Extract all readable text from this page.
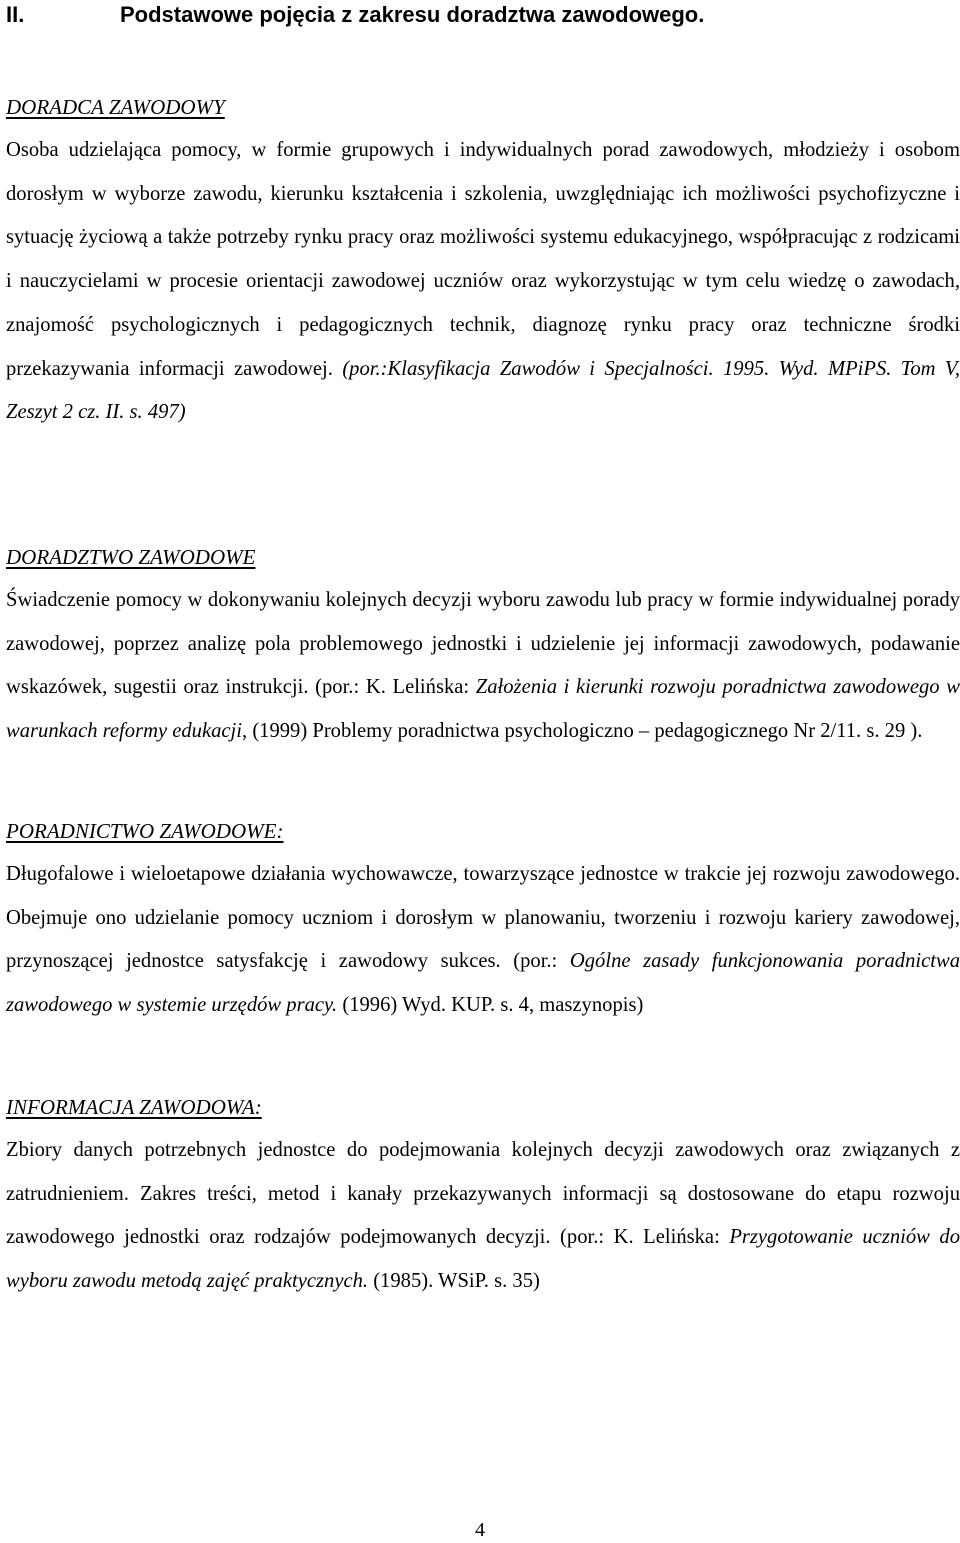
II.	Podstawowe pojęcia z zakresu doradztwa zawodowego.

DORADCA ZAWODOWY

Osoba udzielająca pomocy, w formie grupowych i indywidualnych porad zawodowych, młodzieży i osobom dorosłym w wyborze zawodu, kierunku kształcenia i szkolenia, uwzględniając ich możliwości psychofizyczne i sytuację życiową a także potrzeby rynku pracy oraz możliwości systemu edukacyjnego, współpracując z rodzicami i nauczycielami w procesie orientacji zawodowej uczniów oraz wykorzystując w tym celu wiedzę o zawodach, znajomość psychologicznych i pedagogicznych technik, diagnozę rynku pracy oraz techniczne środki przekazywania informacji zawodowej. (por.:Klasyfikacja Zawodów i Specjalności. 1995. Wyd. MPiPS. Tom V, Zeszyt 2 cz. II. s. 497)

DORADZTWO ZAWODOWE

Świadczenie pomocy w dokonywaniu kolejnych decyzji wyboru zawodu lub pracy w formie indywidualnej porady zawodowej, poprzez analizę pola problemowego jednostki i udzielenie jej informacji zawodowych, podawanie wskazówek, sugestii oraz instrukcji. (por.: K. Lelińska: Założenia i kierunki rozwoju poradnictwa zawodowego w warunkach reformy edukacji, (1999) Problemy poradnictwa psychologiczno – pedagogicznego Nr 2/11. s. 29 ).

PORADNICTWO ZAWODOWE:

Długofalowe i wieloetapowe działania wychowawcze, towarzyszące jednostce w trakcie jej rozwoju zawodowego. Obejmuje ono udzielanie pomocy uczniom i dorosłym w planowaniu, tworzeniu i rozwoju kariery zawodowej, przynoszącej jednostce satysfakcję i zawodowy sukces. (por.: Ogólne zasady funkcjonowania poradnictwa zawodowego w systemie urzędów pracy. (1996) Wyd. KUP. s. 4, maszynopis)

INFORMACJA ZAWODOWA:

Zbiory danych potrzebnych jednostce do podejmowania kolejnych decyzji zawodowych oraz związanych z zatrudnieniem. Zakres treści, metod i kanały przekazywanych informacji są dostosowane do etapu rozwoju zawodowego jednostki oraz rodzajów podejmowanych decyzji. (por.: K. Lelińska: Przygotowanie uczniów do wyboru zawodu metodą zajęć praktycznych. (1985). WSiP. s. 35)

4
